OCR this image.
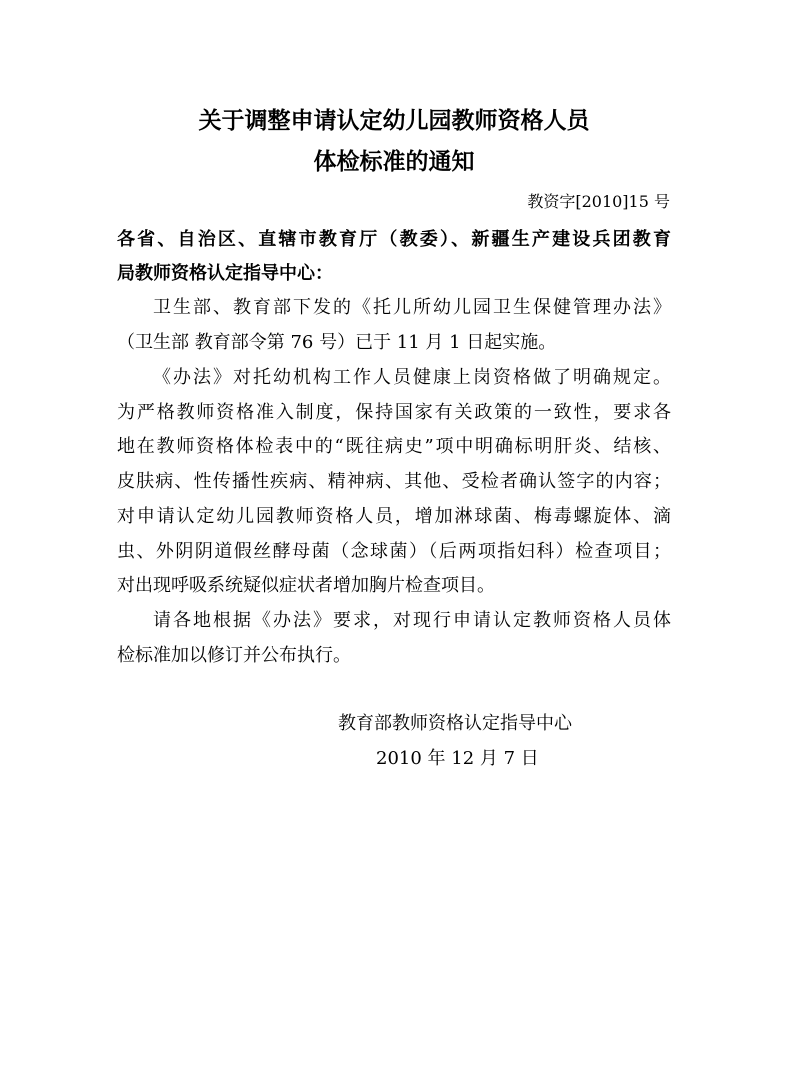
关于调整申请认定幼儿园教师资格人员
体检标准的通知
教资字[2010]15 号
各省、自治区、直辖市教育厅（教委）、新疆生产建设兵团教育
局教师资格认定指导中心：
卫生部、教育部下发的《托儿所幼儿园卫生保健管理办法》
（卫生部 教育部令第 76 号）已于 11 月 1 日起实施。
《办法》对托幼机构工作人员健康上岗资格做了明确规定。
为严格教师资格准入制度，保持国家有关政策的一致性，要求各
地在教师资格体检表中的“既往病史”项中明确标明肝炎、结核、
皮肤病、性传播性疾病、精神病、其他、受检者确认签字的内容；
对申请认定幼儿园教师资格人员，增加淋球菌、梅毒螺旋体、滴
虫、外阴阴道假丝酵母菌（念球菌）（后两项指妇科）检查项目；
对出现呼吸系统疑似症状者增加胸片检查项目。
请各地根据《办法》要求，对现行申请认定教师资格人员体
检标准加以修订并公布执行。
教育部教师资格认定指导中心
2010 年 12 月 7 日
